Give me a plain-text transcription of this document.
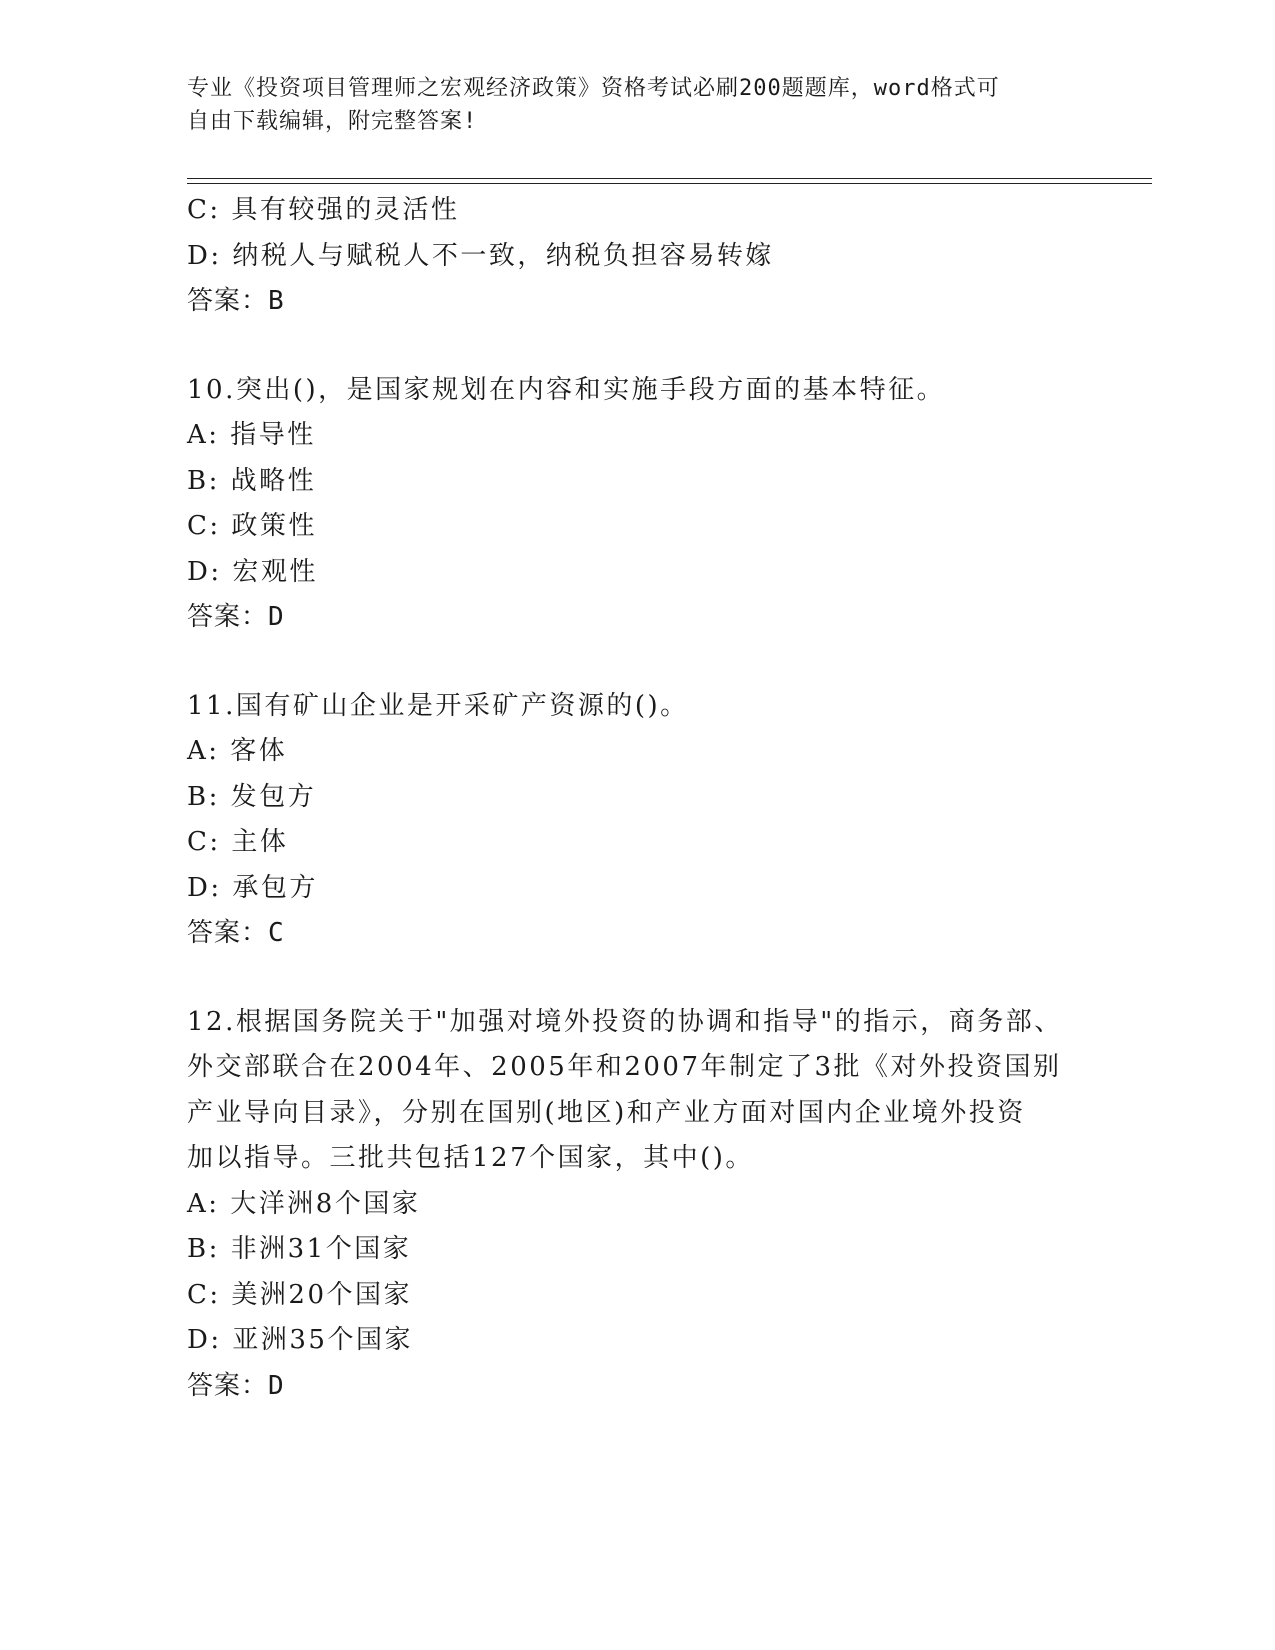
专业《投资项目管理师之宏观经济政策》资格考试必刷200题题库，word格式可
自由下载编辑，附完整答案!
C: 具有较强的灵活性
D: 纳税人与赋税人不一致，纳税负担容易转嫁
答案：B
10.突出()，是国家规划在内容和实施手段方面的基本特征。
A: 指导性
B: 战略性
C: 政策性
D: 宏观性
答案：D
11.国有矿山企业是开采矿产资源的()。
A: 客体
B: 发包方
C: 主体
D: 承包方
答案：C
12.根据国务院关于"加强对境外投资的协调和指导"的指示，商务部、
外交部联合在2004年、2005年和2007年制定了3批《对外投资国别
产业导向目录》，分别在国别(地区)和产业方面对国内企业境外投资
加以指导。三批共包括127个国家，其中()。
A: 大洋洲8个国家
B: 非洲31个国家
C: 美洲20个国家
D: 亚洲35个国家
答案：D
